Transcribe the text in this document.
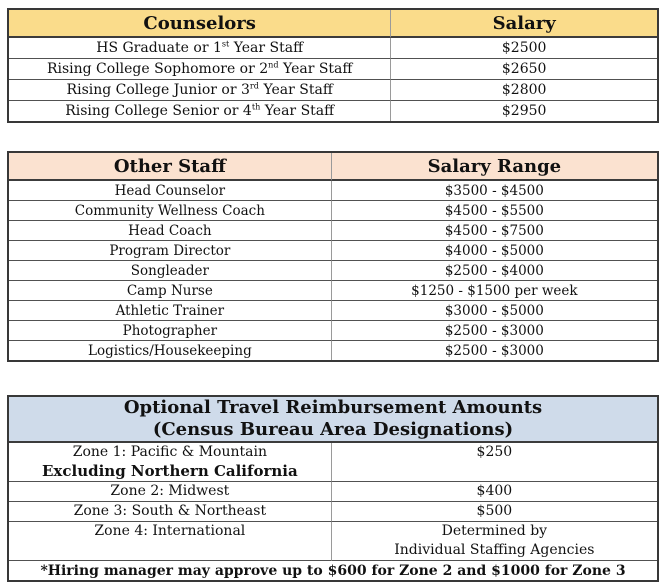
Counselors	Salary
HS Graduate or 1st Year Staff	$2500
Rising College Sophomore or 2nd Year Staff	$2650
Rising College Junior or 3rd Year Staff	$2800
Rising College Senior or 4th Year Staff	$2950
Other Staff	Salary Range
Head Counselor	$3500 - $4500
Community Wellness Coach	$4500 - $5500
Head Coach	$4500 - $7500
Program Director	$4000 - $5000
Songleader	$2500 - $4000
Camp Nurse	$1250 - $1500 per week
Athletic Trainer	$3000 - $5000
Photographer	$2500 - $3000
Logistics/Housekeeping	$2500 - $3000
Optional Travel Reimbursement Amounts
(Census Bureau Area Designations)	

Zone 1: Pacific & Mountain
Excluding Northern California	$250
Zone 2: Midwest	$400
Zone 3: South & Northeast	$500
Zone 4: International	Determined by
Individual Staffing Agencies

*Hiring manager may approve up to $600 for Zone 2 and $1000 for Zone 3	
